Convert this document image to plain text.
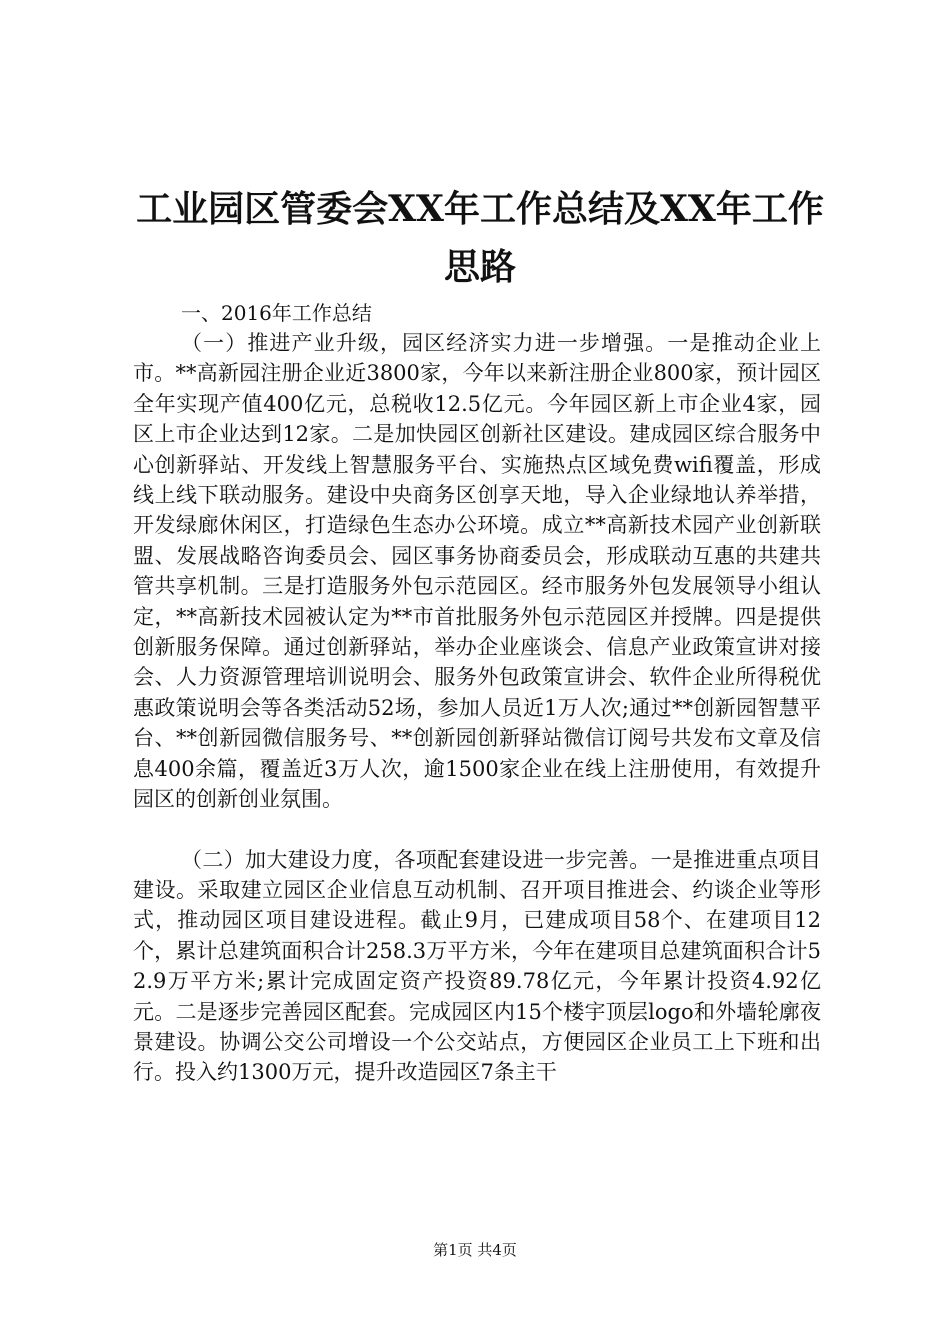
工业园区管委会XX年工作总结及XX年工作思路

一、2016年工作总结

（一）推进产业升级，园区经济实力进一步增强。一是推动企业上市。**高新园注册企业近3800家，今年以来新注册企业800家，预计园区全年实现产值400亿元，总税收12.5亿元。今年园区新上市企业4家，园区上市企业达到12家。二是加快园区创新社区建设。建成园区综合服务中心创新驿站、开发线上智慧服务平台、实施热点区域免费wifi覆盖，形成线上线下联动服务。建设中央商务区创享天地，导入企业绿地认养举措，开发绿廊休闲区，打造绿色生态办公环境。成立**高新技术园产业创新联盟、发展战略咨询委员会、园区事务协商委员会，形成联动互惠的共建共管共享机制。三是打造服务外包示范园区。经市服务外包发展领导小组认定，**高新技术园被认定为**市首批服务外包示范园区并授牌。四是提供创新服务保障。通过创新驿站，举办企业座谈会、信息产业政策宣讲对接会、人力资源管理培训说明会、服务外包政策宣讲会、软件企业所得税优惠政策说明会等各类活动52场，参加人员近1万人次;通过**创新园智慧平台、**创新园微信服务号、**创新园创新驿站微信订阅号共发布文章及信息400余篇，覆盖近3万人次，逾1500家企业在线上注册使用，有效提升园区的创新创业氛围。

（二）加大建设力度，各项配套建设进一步完善。一是推进重点项目建设。采取建立园区企业信息互动机制、召开项目推进会、约谈企业等形式，推动园区项目建设进程。截止9月，已建成项目58个、在建项目12个，累计总建筑面积合计258.3万平方米，今年在建项目总建筑面积合计52.9万平方米;累计完成固定资产投资89.78亿元，今年累计投资4.92亿元。二是逐步完善园区配套。完成园区内15个楼宇顶层logo和外墙轮廓夜景建设。协调公交公司增设一个公交站点，方便园区企业员工上下班和出行。投入约1300万元，提升改造园区7条主干

第1页 共4页
